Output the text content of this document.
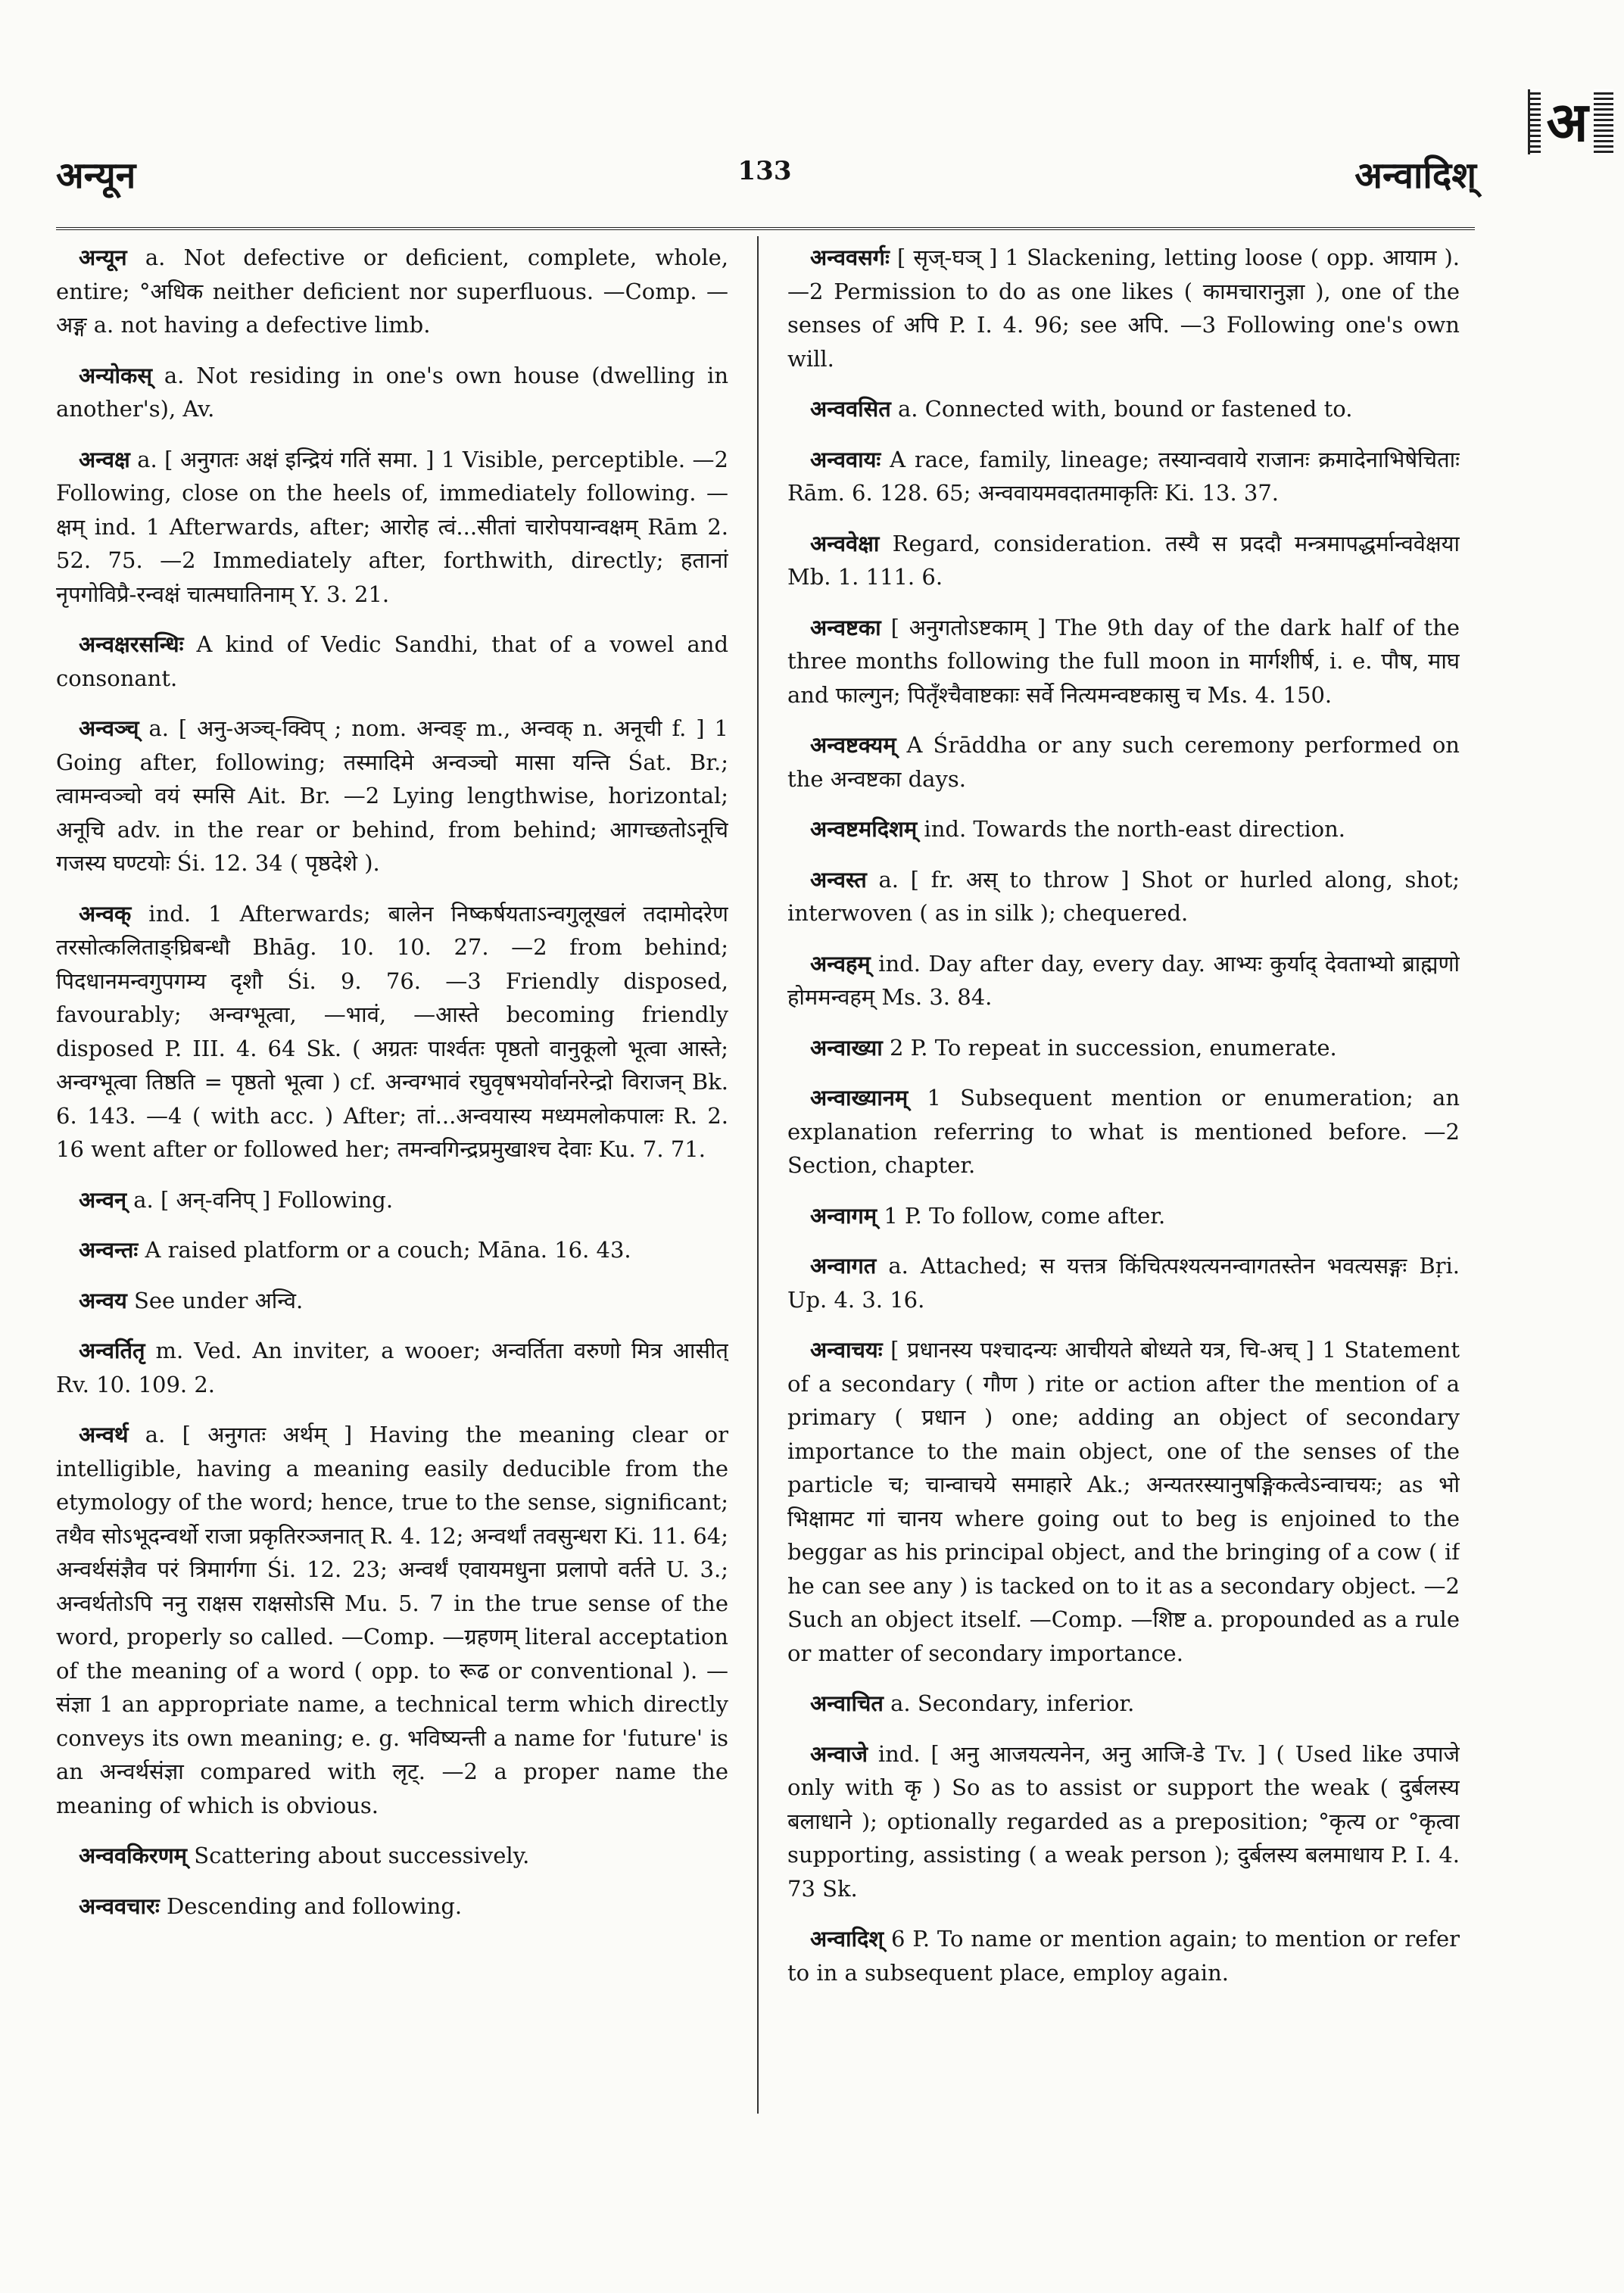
अ
अन्यून	133	अन्वादिश्

अन्यून a. Not defective or deficient, complete, whole, entire; °अधिक neither deficient nor superfluous. —Comp. —अङ्ग a. not having a defective limb.

अन्योकस् a. Not residing in one's own house (dwelling in another's), Av.

अन्वक्ष a. [ अनुगतः अक्षं इन्द्रियं गतिं समा. ] 1 Visible, perceptible. —2 Following, close on the heels of, immediately following. —क्षम् ind. 1 Afterwards, after; आरोह त्वं...सीतां चारोपयान्वक्षम् Rām 2. 52. 75. —2 Immediately after, forthwith, directly; हतानां नृपगोविप्रै-रन्वक्षं चात्मघातिनाम् Y. 3. 21.

अन्वक्षरसन्धिः A kind of Vedic Sandhi, that of a vowel and consonant.

अन्वञ्च् a. [ अनु-अञ्च्-क्विप् ; nom. अन्वङ् m., अन्वक् n. अनूची f. ] 1 Going after, following; तस्मादिमे अन्वञ्चो मासा यन्ति Śat. Br.; त्वामन्वञ्चो वयं स्मसि Ait. Br. —2 Lying lengthwise, horizontal; अनूचि adv. in the rear or behind, from behind; आगच्छतोऽनूचि गजस्य घण्टयोः Śi. 12. 34 ( पृष्ठदेशे ).

अन्वक् ind. 1 Afterwards; बालेन निष्कर्षयताऽन्वगुलूखलं तदामोदरेण तरसोत्कलिताङ्घ्रिबन्धौ Bhāg. 10. 10. 27. —2 from behind; पिदधानमन्वगुपगम्य दृशौ Śi. 9. 76. —3 Friendly disposed, favourably; अन्वग्भूत्वा, —भावं, —आस्ते becoming friendly disposed P. III. 4. 64 Sk. ( अग्रतः पार्श्वतः पृष्ठतो वानुकूलो भूत्वा आस्ते; अन्वग्भूत्वा तिष्ठति = पृष्ठतो भूत्वा ) cf. अन्वग्भावं रघुवृषभयोर्वानरेन्द्रो विराजन् Bk. 6. 143. —4 ( with acc. ) After; तां...अन्वयास्य मध्यमलोकपालः R. 2. 16 went after or followed her; तमन्वगिन्द्रप्रमुखाश्च देवाः Ku. 7. 71.

अन्वन् a. [ अन्-वनिप् ] Following.

अन्वन्तः A raised platform or a couch; Māna. 16. 43.

अन्वय See under अन्वि.

अन्वर्तितृ m. Ved. An inviter, a wooer; अन्वर्तिता वरुणो मित्र आसीत् Rv. 10. 109. 2.

अन्वर्थ a. [ अनुगतः अर्थम् ] Having the meaning clear or intelligible, having a meaning easily deducible from the etymology of the word; hence, true to the sense, significant; तथैव सोऽभूदन्वर्थो राजा प्रकृतिरञ्जनात् R. 4. 12; अन्वर्थां तवसुन्धरा Ki. 11. 64; अन्वर्थसंज्ञैव परं त्रिमार्गगा Śi. 12. 23; अन्वर्थं एवायमधुना प्रलापो वर्तते U. 3.; अन्वर्थतोऽपि ननु राक्षस राक्षसोऽसि Mu. 5. 7 in the true sense of the word, properly so called. —Comp. —ग्रहणम् literal acceptation of the meaning of a word ( opp. to रूढ or conventional ). —संज्ञा 1 an appropriate name, a technical term which directly conveys its own meaning; e. g. भविष्यन्ती a name for 'future' is an अन्वर्थसंज्ञा compared with लृट्. —2 a proper name the meaning of which is obvious.

अन्ववकिरणम् Scattering about successively.

अन्ववचारः Descending and following.

अन्ववसर्गः [ सृज्-घञ् ] 1 Slackening, letting loose ( opp. आयाम ). —2 Permission to do as one likes ( कामचारानुज्ञा ), one of the senses of अपि P. I. 4. 96; see अपि. —3 Following one's own will.

अन्ववसित a. Connected with, bound or fastened to.

अन्ववायः A race, family, lineage; तस्यान्ववाये राजानः क्रमादेनाभिषेचिताः Rām. 6. 128. 65; अन्ववायमवदातमाकृतिः Ki. 13. 37.

अन्ववेक्षा Regard, consideration. तस्यै स प्रददौ मन्त्रमापद्धर्मान्ववेक्षया Mb. 1. 111. 6.

अन्वष्टका [ अनुगतोऽष्टकाम् ] The 9th day of the dark half of the three months following the full moon in मार्गशीर्ष, i. e. पौष, माघ and फाल्गुन; पितृँश्चैवाष्टकाः सर्वे नित्यमन्वष्टकासु च Ms. 4. 150.

अन्वष्टक्यम् A Śrāddha or any such ceremony performed on the अन्वष्टका days.

अन्वष्टमदिशम् ind. Towards the north-east direction.

अन्वस्त a. [ fr. अस् to throw ] Shot or hurled along, shot; interwoven ( as in silk ); chequered.

अन्वहम् ind. Day after day, every day. आभ्यः कुर्याद् देवताभ्यो ब्राह्मणो होममन्वहम् Ms. 3. 84.

अन्वाख्या 2 P. To repeat in succession, enumerate.

अन्वाख्यानम् 1 Subsequent mention or enumeration; an explanation referring to what is mentioned before. —2 Section, chapter.

अन्वागम् 1 P. To follow, come after.

अन्वागत a. Attached; स यत्तत्र किंचित्पश्यत्यनन्वागतस्तेन भवत्यसङ्गः Bṛi. Up. 4. 3. 16.

अन्वाचयः [ प्रधानस्य पश्चादन्यः आचीयते बोध्यते यत्र, चि-अच् ] 1 Statement of a secondary ( गौण ) rite or action after the mention of a primary ( प्रधान ) one; adding an object of secondary importance to the main object, one of the senses of the particle च; चान्वाचये समाहारे Ak.; अन्यतरस्यानुषङ्गिकत्वेऽन्वाचयः; as भो भिक्षामट गां चानय where going out to beg is enjoined to the beggar as his principal object, and the bringing of a cow ( if he can see any ) is tacked on to it as a secondary object. —2 Such an object itself. —Comp. —शिष्ट a. propounded as a rule or matter of secondary importance.

अन्वाचित a. Secondary, inferior.

अन्वाजे ind. [ अनु आजयत्यनेन, अनु आजि-डे Tv. ] ( Used like उपाजे only with कृ ) So as to assist or support the weak ( दुर्बलस्य बलाधाने ); optionally regarded as a preposition; °कृत्य or °कृत्वा supporting, assisting ( a weak person ); दुर्बलस्य बलमाधाय P. I. 4. 73 Sk.

अन्वादिश् 6 P. To name or mention again; to mention or refer to in a subsequent place, employ again.
